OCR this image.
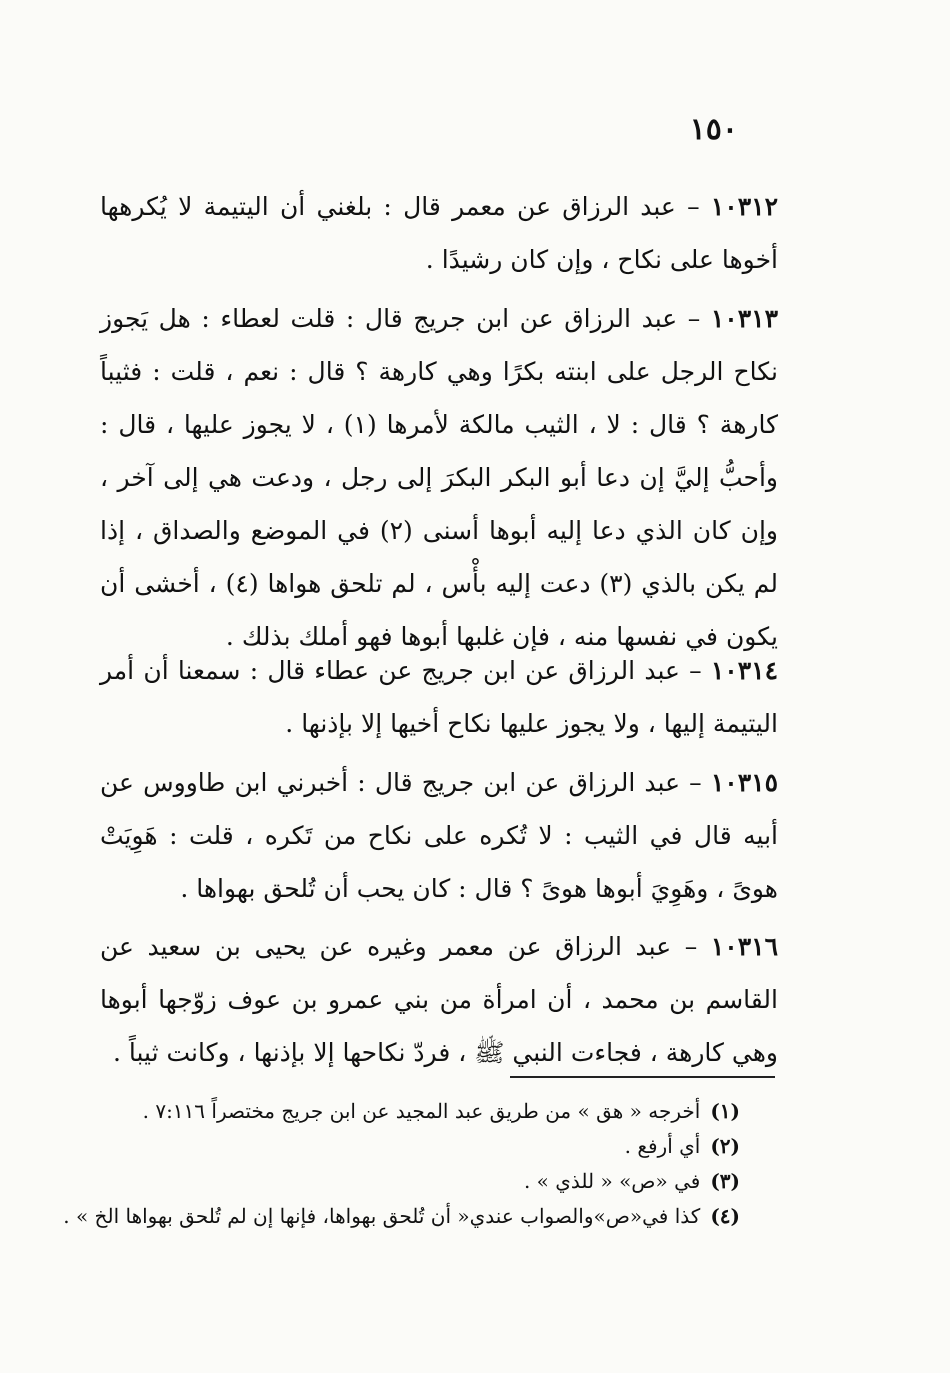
١٥٠

١٠٣١٢ – عبد الرزاق عن معمر قال : بلغني أن اليتيمة لا يُكرهها أخوها على نكاح ، وإن كان رشيدًا .

١٠٣١٣ – عبد الرزاق عن ابن جريج قال : قلت لعطاء : هل يَجوز نكاح الرجل على ابنته بكرًا وهي كارهة ؟ قال : نعم ، قلت : فثيباً كارهة ؟ قال : لا ، الثيب مالكة لأمرها (١) ، لا يجوز عليها ، قال : وأحبُّ إليَّ إن دعا أبو البكر البكرَ إلى رجل ، ودعت هي إلى آخر ، وإن كان الذي دعا إليه أبوها أسنى (٢) في الموضع والصداق ، إذا لم يكن بالذي (٣) دعت إليه بأْس ، لم تلحق هواها (٤) ، أخشى أن يكون في نفسها منه ، فإن غلبها أبوها فهو أملك بذلك .

١٠٣١٤ – عبد الرزاق عن ابن جريج عن عطاء قال : سمعنا أن أمر اليتيمة إليها ، ولا يجوز عليها نكاح أخيها إلا بإذنها .

١٠٣١٥ – عبد الرزاق عن ابن جريج قال : أخبرني ابن طاووس عن أبيه قال في الثيب : لا تُكره على نكاح من تَكره ، قلت : هَوِيَتْ هوىً ، وهَوِيَ أبوها هوىً ؟ قال : كان يحب أن تُلحق بهواها .

١٠٣١٦ – عبد الرزاق عن معمر وغيره عن يحيى بن سعيد عن القاسم بن محمد ، أن امرأة من بني عمرو بن عوف زوّجها أبوها وهي كارهة ، فجاءت النبي ﷺ ، فردّ نكاحها إلا بإذنها ، وكانت ثيباً .

(١)أخرجه « هق » من طريق عبد المجيد عن ابن جريج مختصراً ٧:١١٦ .
(٢)أي أرفع .
(٣)في «ص» « للذي » .
(٤)كذا في«ص»والصواب عندي« أن تُلحق بهواها، فإنها إن لم تُلحق بهواها الخ » .
